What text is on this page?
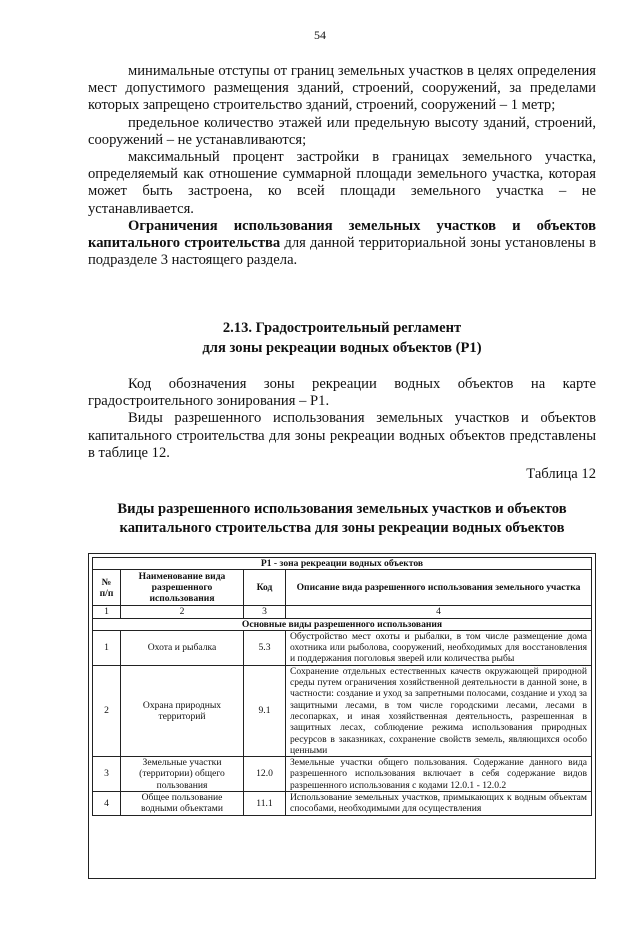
54

минимальные отступы от границ земельных участков в целях определения мест допустимого размещения зданий, строений, сооружений, за пределами которых запрещено строительство зданий, строений, сооружений – 1 метр;

предельное количество этажей или предельную высоту зданий, строений, сооружений – не устанавливаются;

максимальный процент застройки в границах земельного участка, определяемый как отношение суммарной площади земельного участка, которая может быть застроена, ко всей площади земельного участка – не устанавливается.

Ограничения использования земельных участков и объектов капитального строительства для данной территориальной зоны установлены в подразделе 3 настоящего раздела.

2.13. Градостроительный регламент
для зоны рекреации водных объектов (Р1)

Код обозначения зоны рекреации водных объектов на карте градостроительного зонирования – Р1.

Виды разрешенного использования земельных участков и объектов капитального строительства для зоны рекреации водных объектов представлены в таблице 12.

Таблица 12
Виды разрешенного использования земельных участков и объектов
капитального строительства для зоны рекреации водных объектов
Р1 - зона рекреации водных объектов			
№ п/п	Наименование вида разрешенного использования	Код	Описание вида разрешенного использования земельного участка
1	2	3	4
Основные виды разрешенного использования			
1	Охота и рыбалка	5.3	Обустройство мест охоты и рыбалки, в том числе размещение дома охотника или рыболова, сооружений, необходимых для восстановления и поддержания поголовья зверей или количества рыбы
2	Охрана природных территорий	9.1	Сохранение отдельных естественных качеств окружающей природной среды путем ограничения хозяйственной деятельности в данной зоне, в частности: создание и уход за запретными полосами, создание и уход за защитными лесами, в том числе городскими лесами, лесами в лесопарках, и иная хозяйственная деятельность, разрешенная в защитных лесах, соблюдение режима использования природных ресурсов в заказниках, сохранение свойств земель, являющихся особо ценными
3	Земельные участки (территории) общего пользования	12.0	Земельные участки общего пользования. Содержание данного вида разрешенного использования включает в себя содержание видов разрешенного использования с кодами 12.0.1 - 12.0.2
4	Общее пользование водными объектами	11.1	Использование земельных участков, примыкающих к водным объектам способами, необходимыми для осуществления
